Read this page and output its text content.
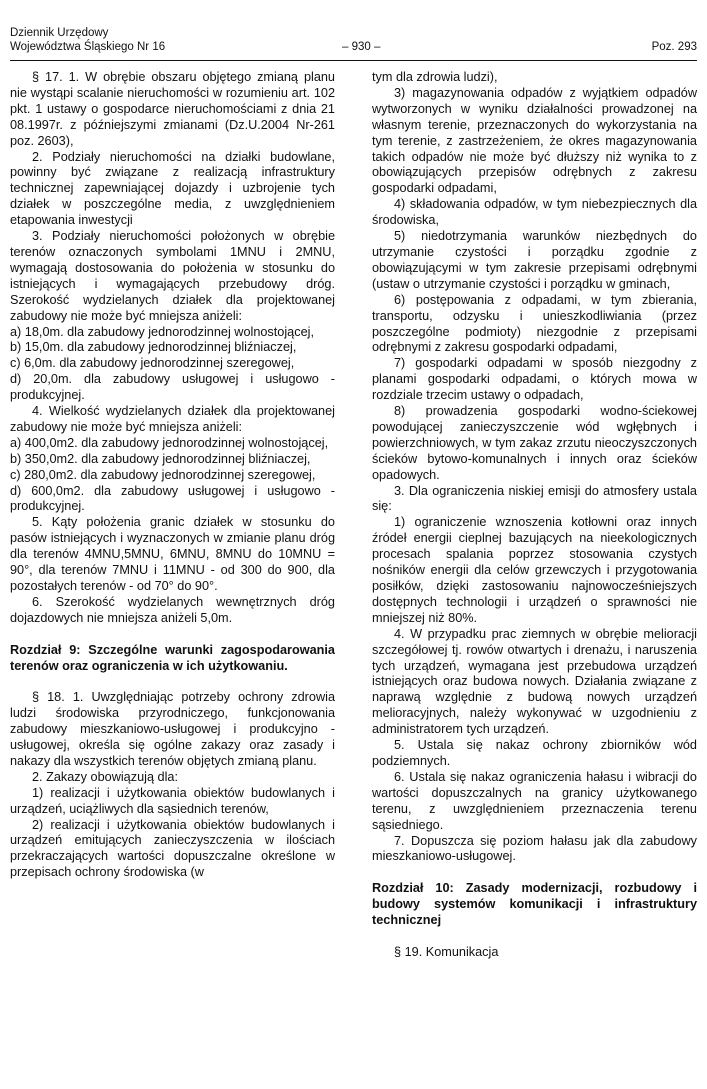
Dziennik Urzędowy
Województwa Śląskiego Nr 16	– 930 –	Poz. 293

§ 17. 1. W obrębie obszaru objętego zmianą planu nie wystąpi scalanie nieruchomości w rozumieniu art. 102 pkt. 1 ustawy o gospodarce nieruchomościami z dnia 21 08.1997r. z późniejszymi zmianami (Dz.U.2004 Nr-261 poz. 2603),

2. Podziały nieruchomości na działki budowlane, powinny być związane z realizacją infrastruktury technicznej zapewniającej dojazdy i uzbrojenie tych działek w poszczególne media, z uwzględnieniem etapowania inwestycji

3. Podziały nieruchomości położonych w obrębie terenów oznaczonych symbolami 1MNU i 2MNU, wymagają dostosowania do położenia w stosunku do istniejących i wymagających przebudowy dróg. Szerokość wydzielanych działek dla projektowanej zabudowy nie może być mniejsza aniżeli:

a) 18,0m. dla zabudowy jednorodzinnej wolnostojącej,

b) 15,0m. dla zabudowy jednorodzinnej bliźniaczej,

c) 6,0m. dla zabudowy jednorodzinnej szeregowej,

d) 20,0m. dla zabudowy usługowej i usługowo - produkcyjnej.

4. Wielkość wydzielanych działek dla projektowanej zabudowy nie może być mniejsza aniżeli:

a) 400,0m2. dla zabudowy jednorodzinnej wolnostojącej,

b) 350,0m2. dla zabudowy jednorodzinnej bliźniaczej,

c) 280,0m2. dla zabudowy jednorodzinnej szeregowej,

d) 600,0m2. dla zabudowy usługowej i usługowo - produkcyjnej.

5. Kąty położenia granic działek w stosunku do pasów istniejących i wyznaczonych w zmianie planu dróg dla terenów 4MNU,5MNU, 6MNU, 8MNU do 10MNU = 90°, dla terenów 7MNU i 11MNU - od 300 do 900, dla pozostałych terenów - od 70° do 90°.

6. Szerokość wydzielanych wewnętrznych dróg dojazdowych nie mniejsza aniżeli 5,0m.

Rozdział 9: Szczególne warunki zagospodarowania terenów oraz ograniczenia w ich użytkowaniu.

§ 18. 1. Uwzględniając potrzeby ochrony zdrowia ludzi środowiska przyrodniczego, funkcjonowania zabudowy mieszkaniowo-usługowej i produkcyjno - usługowej, określa się ogólne zakazy oraz zasady i nakazy dla wszystkich terenów objętych zmianą planu.

2. Zakazy obowiązują dla:

1) realizacji i użytkowania obiektów budowlanych i urządzeń, uciążliwych dla sąsiednich terenów,

2) realizacji i użytkowania obiektów budowlanych i urządzeń emitujących zanieczyszczenia w ilościach przekraczających wartości dopuszczalne określone w przepisach ochrony środowiska (w

tym dla zdrowia ludzi),

3) magazynowania odpadów z wyjątkiem odpadów wytworzonych w wyniku działalności prowadzonej na własnym terenie, przeznaczonych do wykorzystania na tym terenie, z zastrzeżeniem, że okres magazynowania takich odpadów nie może być dłuższy niż wynika to z obowiązujących przepisów odrębnych z zakresu gospodarki odpadami,

4) składowania odpadów, w tym niebezpiecznych dla środowiska,

5) niedotrzymania warunków niezbędnych do utrzymanie czystości i porządku zgodnie z obowiązującymi w tym zakresie przepisami odrębnymi (ustaw o utrzymanie czystości i porządku w gminach,

6) postępowania z odpadami, w tym zbierania, transportu, odzysku i unieszkodliwiania (przez poszczególne podmioty) niezgodnie z przepisami odrębnymi z zakresu gospodarki odpadami,

7) gospodarki odpadami w sposób niezgodny z planami gospodarki odpadami, o których mowa w rozdziale trzecim ustawy o odpadach,

8) prowadzenia gospodarki wodno-ściekowej powodującej zanieczyszczenie wód wgłębnych i powierzchniowych, w tym zakaz zrzutu nieoczyszczonych ścieków bytowo-komunalnych i innych oraz ścieków opadowych.

3. Dla ograniczenia niskiej emisji do atmosfery ustala się:

1) ograniczenie wznoszenia kotłowni oraz innych źródeł energii cieplnej bazujących na nieekologicznych procesach spalania poprzez stosowania czystych nośników energii dla celów grzewczych i przygotowania posiłków, dzięki zastosowaniu najnowocześniejszych dostępnych technologii i urządzeń o sprawności nie mniejszej niż 80%.

4. W przypadku prac ziemnych w obrębie melioracji szczegółowej tj. rowów otwartych i drenażu, i naruszenia tych urządzeń, wymagana jest przebudowa urządzeń istniejących oraz budowa nowych. Działania związane z naprawą względnie z budową nowych urządzeń melioracyjnych, należy wykonywać w uzgodnieniu z administratorem tych urządzeń.

5. Ustala się nakaz ochrony zbiorników wód podziemnych.

6. Ustala się nakaz ograniczenia hałasu i wibracji do wartości dopuszczalnych na granicy użytkowanego terenu, z uwzględnieniem przeznaczenia terenu sąsiedniego.

7. Dopuszcza się poziom hałasu jak dla zabudowy mieszkaniowo-usługowej.

Rozdział 10: Zasady modernizacji, rozbudowy i budowy systemów komunikacji i infrastruktury technicznej

§ 19. Komunikacja
